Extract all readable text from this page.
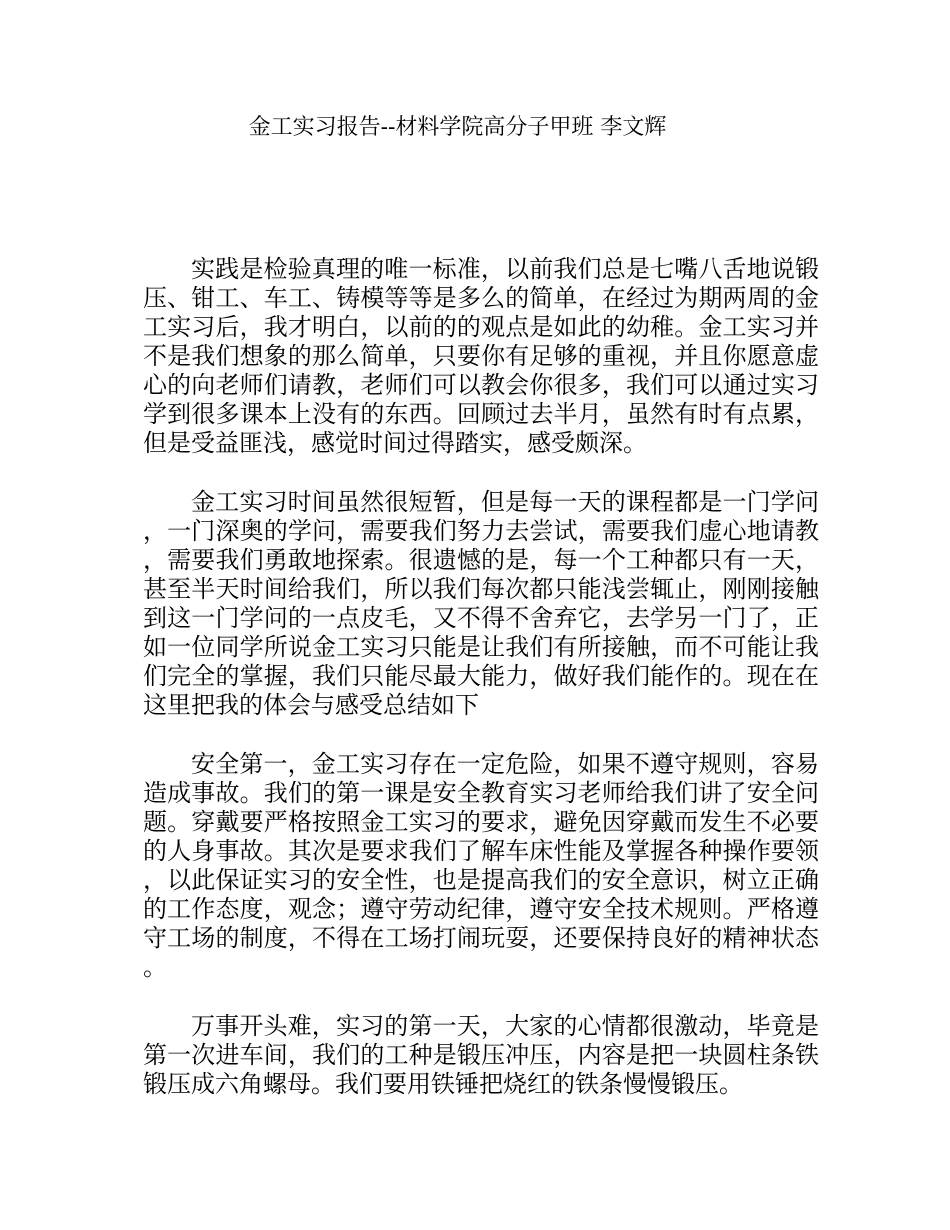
金工实习报告--材料学院高分子甲班 李文辉

实践是检验真理的唯一标准，以前我们总是七嘴八舌地说锻压、钳工、车工、铸模等等是多么的简单，在经过为期两周的金工实习后，我才明白，以前的的观点是如此的幼稚。金工实习并不是我们想象的那么简单，只要你有足够的重视，并且你愿意虚心的向老师们请教，老师们可以教会你很多，我们可以通过实习学到很多课本上没有的东西。回顾过去半月，虽然有时有点累，但是受益匪浅，感觉时间过得踏实，感受颇深。

金工实习时间虽然很短暂，但是每一天的课程都是一门学问，一门深奥的学问，需要我们努力去尝试，需要我们虚心地请教，需要我们勇敢地探索。很遗憾的是，每一个工种都只有一天，甚至半天时间给我们，所以我们每次都只能浅尝辄止，刚刚接触到这一门学问的一点皮毛，又不得不舍弃它，去学另一门了，正如一位同学所说金工实习只能是让我们有所接触，而不可能让我们完全的掌握，我们只能尽最大能力，做好我们能作的。现在在这里把我的体会与感受总结如下

安全第一，金工实习存在一定危险，如果不遵守规则，容易造成事故。我们的第一课是安全教育实习老师给我们讲了安全问题。穿戴要严格按照金工实习的要求，避免因穿戴而发生不必要的人身事故。其次是要求我们了解车床性能及掌握各种操作要领，以此保证实习的安全性，也是提高我们的安全意识，树立正确的工作态度，观念；遵守劳动纪律，遵守安全技术规则。严格遵守工场的制度，不得在工场打闹玩耍，还要保持良好的精神状态。

万事开头难，实习的第一天，大家的心情都很激动，毕竟是第一次进车间，我们的工种是锻压冲压，内容是把一块圆柱条铁锻压成六角螺母。我们要用铁锤把烧红的铁条慢慢锻压。
